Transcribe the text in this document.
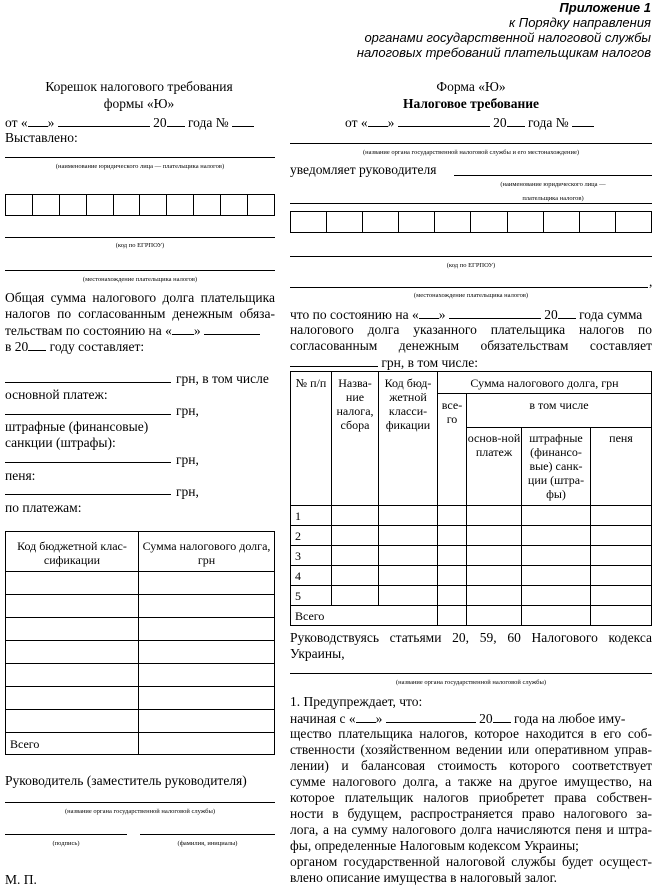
Приложение 1
к Порядку направления
органами государственной налоговой службы
налоговых требований плательщикам налогов
Корешок налогового требования
формы «Ю»
от « »	20 года №
Выставлено:
(наименование юридического лица — плательщика налогов)

(код по ЕГРПОУ)
(местонахождение плательщика налогов)
Общая сумма налогового долга плательщика
налогов по согласованным денежным обяза-
тельствам по состоянию на « »
в 20 году составляет:
грн, в том числе
основной платеж:
грн,
штрафные (финансовые)
санкции (штрафы):
грн,
пеня:
грн,
по платежам:
Код бюджетной клас-сификации	Сумма налогового долга, грн

Всего	
Руководитель (заместитель руководителя)
(название органа государственной налоговой службы)
(подпись)	(фамилия, инициалы)
М. П.
Форма «Ю»
Налоговое требование
от « »	20 года №
(название органа государственной налоговой службы и его местонахождение)
уведомляет руководителя
(наименование юридического лица —
плательщика налогов)

(код по ЕГРПОУ)
,
(местонахождение плательщика налогов)
что по состоянию на « »	20 года сумма
налогового долга указанного плательщика налогов по
согласованным денежным обязательствам составляет
грн, в том числе:
№ п/п	Назва-ние налога, сбора	Код бюд-жетной класси-фикации	Сумма налогового долга, грн			
			все-го	в том числе		
				основ-ной платеж	штрафные (финансо-вые) санк-ции (штра-фы)	пеня
1						
2						
3						
4						
5						
Всего						
Руководствуясь статьями 20, 59, 60 Налогового кодекса
Украины,
(название органа государственной налоговой службы)
1. Предупреждает, что:
начиная с « »	20 года на любое иму-
щество плательщика налогов, которое находится в его соб-
ственности (хозяйственном ведении или оперативном управ-
лении) и балансовая стоимость которого соответствует
сумме налогового долга, а также на другое имущество, на
которое плательщик налогов приобретет права собствен-
ности в будущем, распространяется право налогового за-
лога, а на сумму налогового долга начисляются пеня и штра-
фы, определенные Налоговым кодексом Украины;
органом государственной налоговой службы будет осущест-
влено описание имущества в налоговый залог.
